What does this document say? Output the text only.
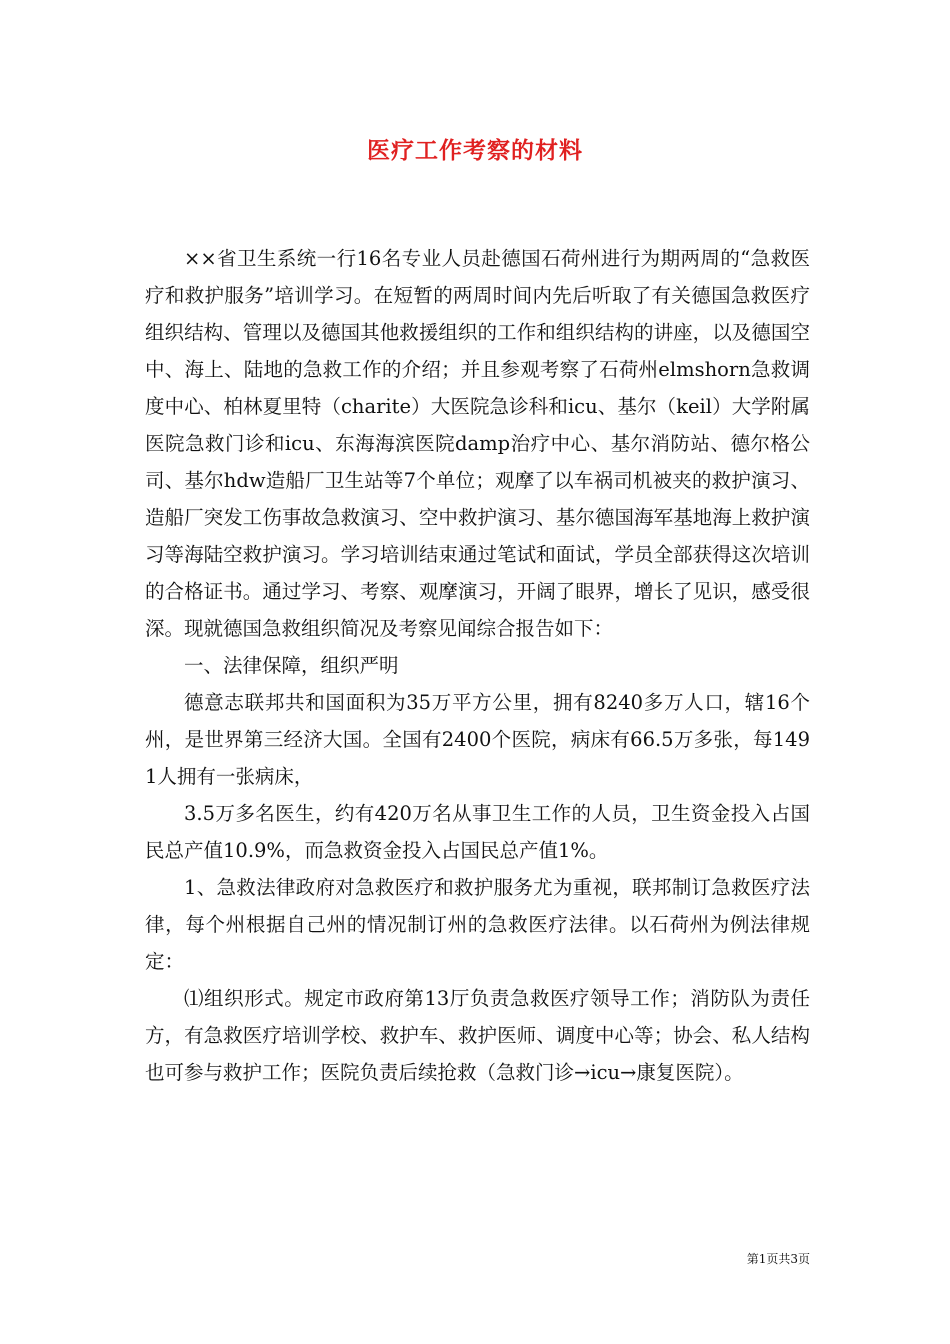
医疗工作考察的材料

××省卫生系统一行16名专业人员赴德国石荷州进行为期两周的“急救医疗和救护服务”培训学习。在短暂的两周时间内先后听取了有关德国急救医疗组织结构、管理以及德国其他救援组织的工作和组织结构的讲座，以及德国空中、海上、陆地的急救工作的介绍；并且参观考察了石荷州elmshorn急救调度中心、柏林夏里特（charite）大医院急诊科和icu、基尔（keil）大学附属医院急救门诊和icu、东海海滨医院damp治疗中心、基尔消防站、德尔格公司、基尔hdw造船厂卫生站等7个单位；观摩了以车祸司机被夹的救护演习、造船厂突发工伤事故急救演习、空中救护演习、基尔德国海军基地海上救护演习等海陆空救护演习。学习培训结束通过笔试和面试，学员全部获得这次培训的合格证书。通过学习、考察、观摩演习，开阔了眼界，增长了见识，感受很深。现就德国急救组织简况及考察见闻综合报告如下：

一、法律保障，组织严明

德意志联邦共和国面积为35万平方公里，拥有8240多万人口，辖16个州，是世界第三经济大国。全国有2400个医院，病床有66.5万多张，每1491人拥有一张病床，

3.5万多名医生，约有420万名从事卫生工作的人员，卫生资金投入占国民总产值10.9%，而急救资金投入占国民总产值1%。

1、急救法律政府对急救医疗和救护服务尤为重视，联邦制订急救医疗法律，每个州根据自己州的情况制订州的急救医疗法律。以石荷州为例法律规定：

⑴组织形式。规定市政府第13厅负责急救医疗领导工作；消防队为责任方，有急救医疗培训学校、救护车、救护医师、调度中心等；协会、私人结构也可参与救护工作；医院负责后续抢救（急救门诊→icu→康复医院）。

第1页共3页
